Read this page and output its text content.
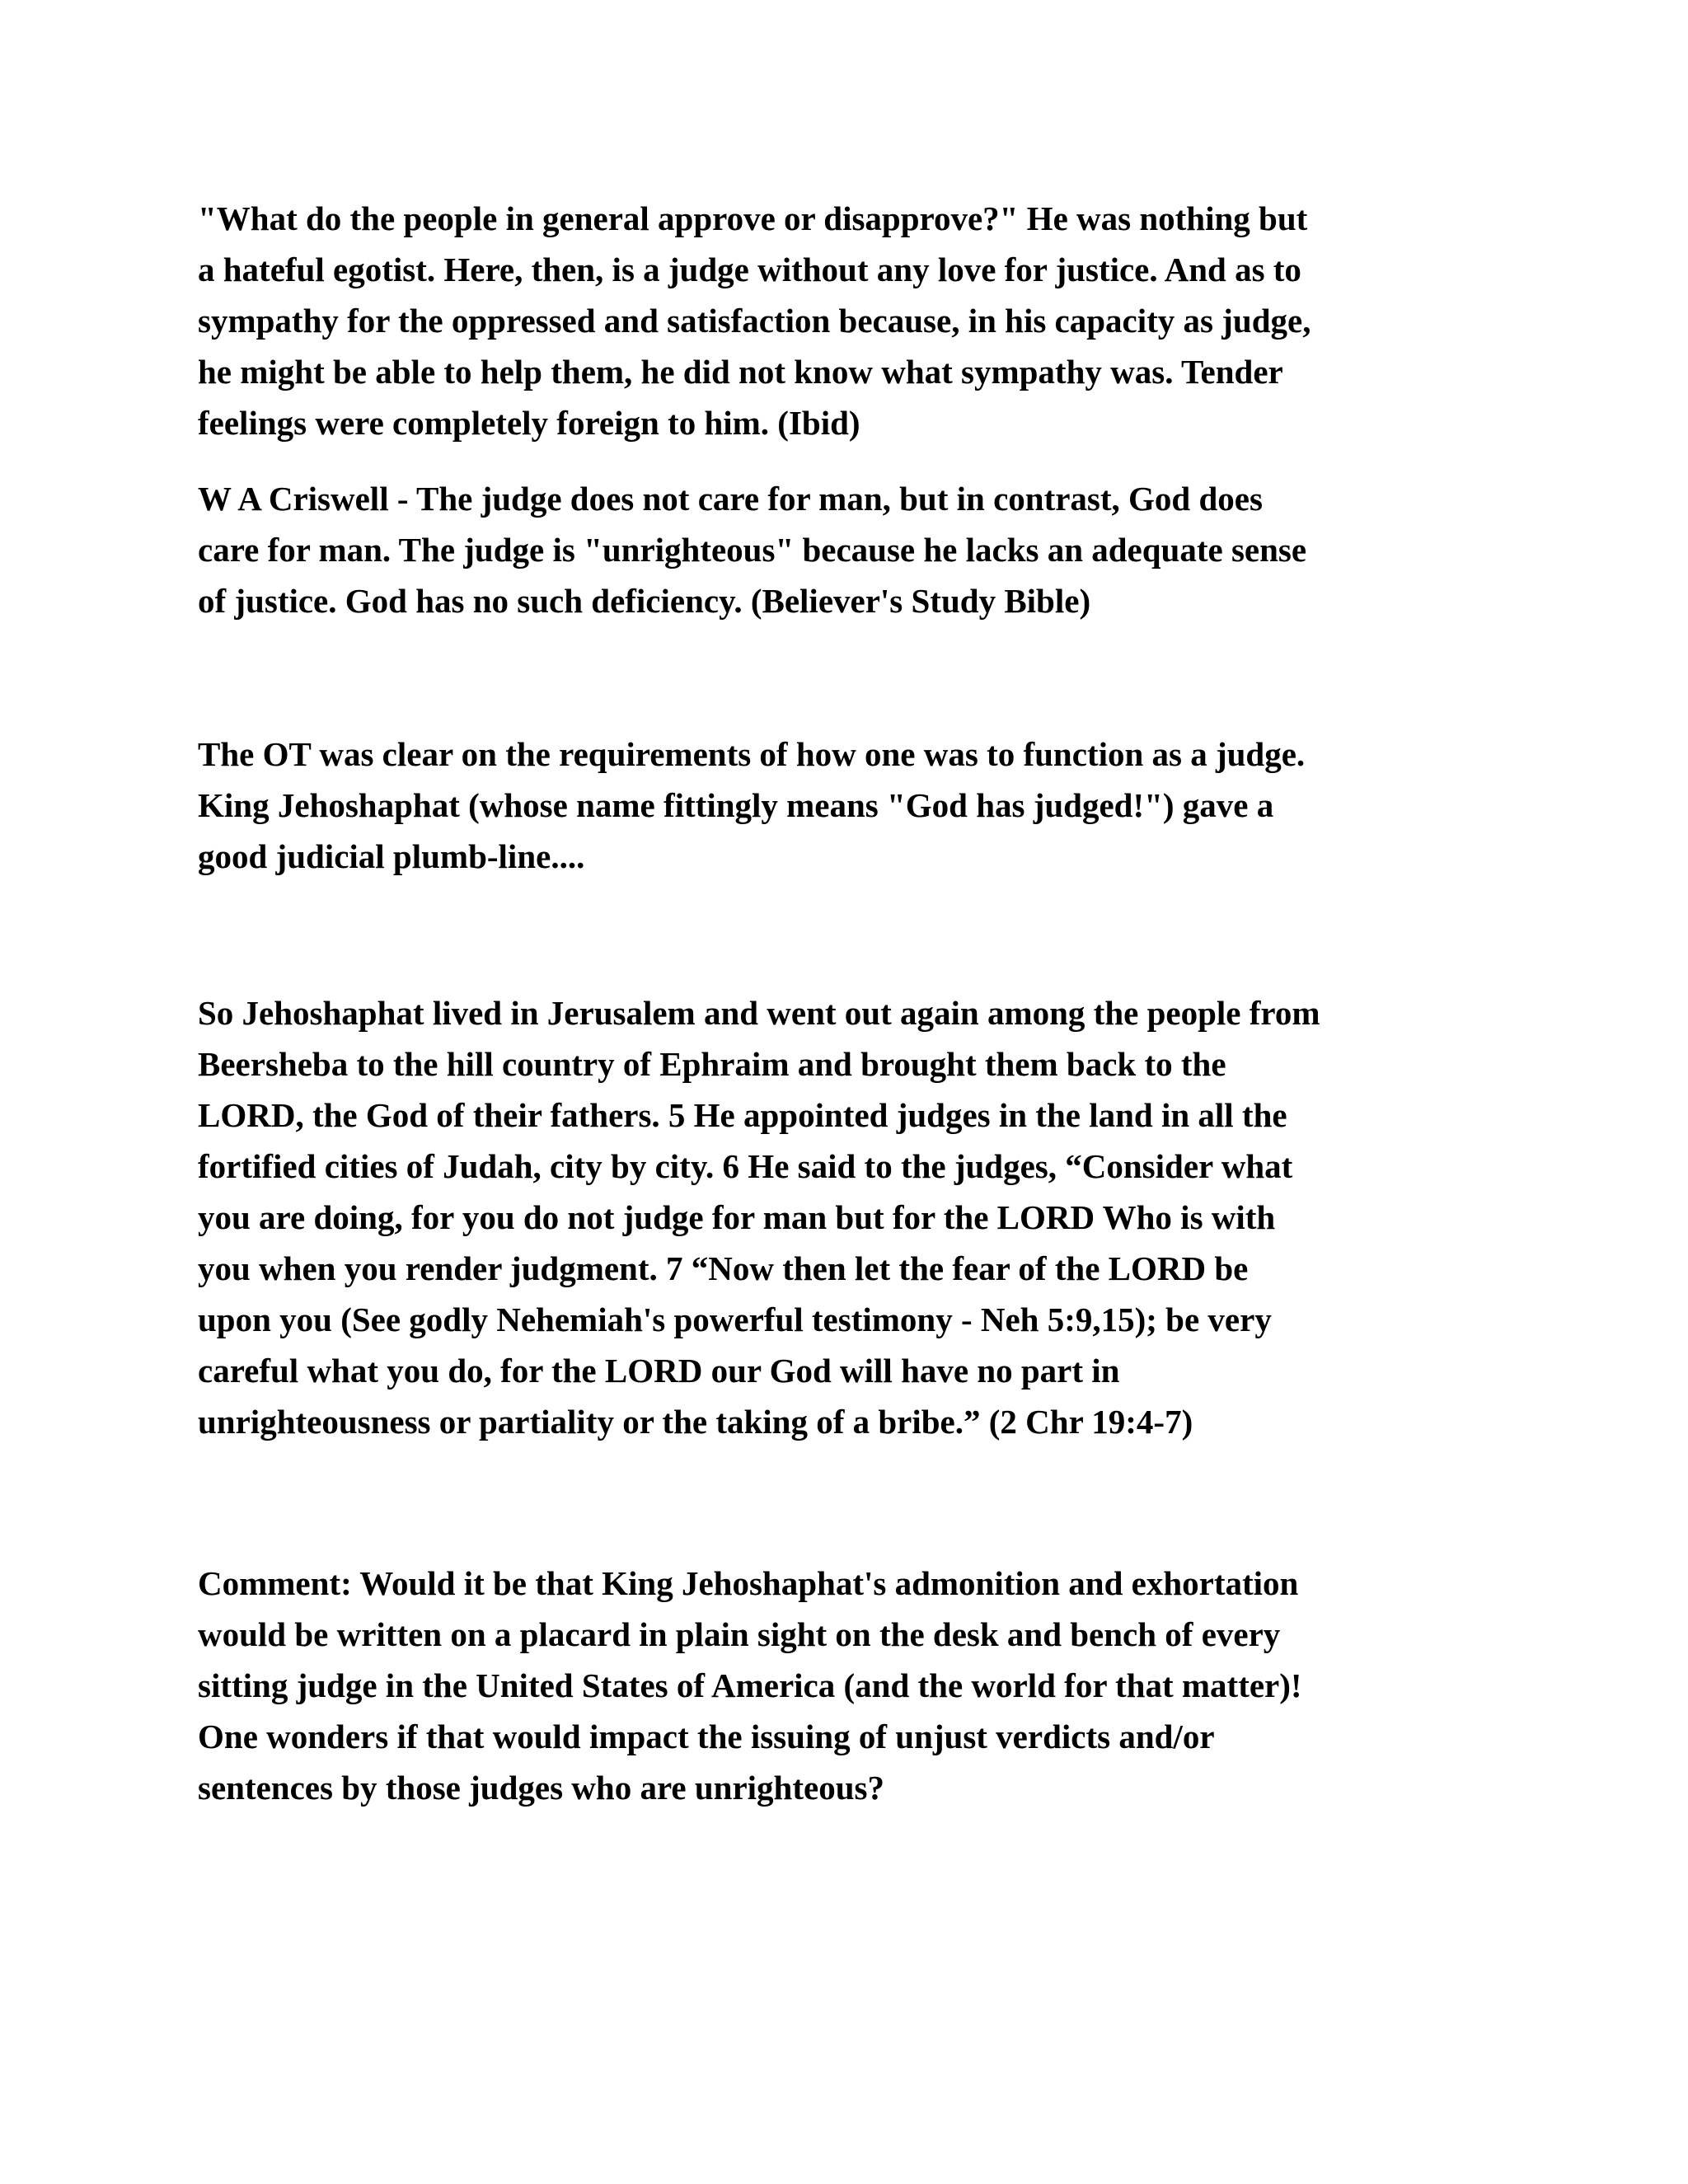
"What do the people in general approve or disapprove?" He was nothing but
a hateful egotist. Here, then, is a judge without any love for justice. And as to
sympathy for the oppressed and satisfaction because, in his capacity as judge,
he might be able to help them, he did not know what sympathy was. Tender
feelings were completely foreign to him. (Ibid)

W A Criswell - The judge does not care for man, but in contrast, God does
care for man. The judge is "unrighteous" because he lacks an adequate sense
of justice. God has no such deficiency. (Believer's Study Bible)

The OT was clear on the requirements of how one was to function as a judge.
King Jehoshaphat (whose name fittingly means "God has judged!") gave a
good judicial plumb-line....

So Jehoshaphat lived in Jerusalem and went out again among the people from
Beersheba to the hill country of Ephraim and brought them back to the
LORD, the God of their fathers. 5 He appointed judges in the land in all the
fortified cities of Judah, city by city. 6 He said to the judges, “Consider what
you are doing, for you do not judge for man but for the LORD Who is with
you when you render judgment. 7 “Now then let the fear of the LORD be
upon you (See godly Nehemiah's powerful testimony - Neh 5:9,15); be very
careful what you do, for the LORD our God will have no part in
unrighteousness or partiality or the taking of a bribe.” (2 Chr 19:4-7)

Comment: Would it be that King Jehoshaphat's admonition and exhortation
would be written on a placard in plain sight on the desk and bench of every
sitting judge in the United States of America (and the world for that matter)!
One wonders if that would impact the issuing of unjust verdicts and/or
sentences by those judges who are unrighteous?
